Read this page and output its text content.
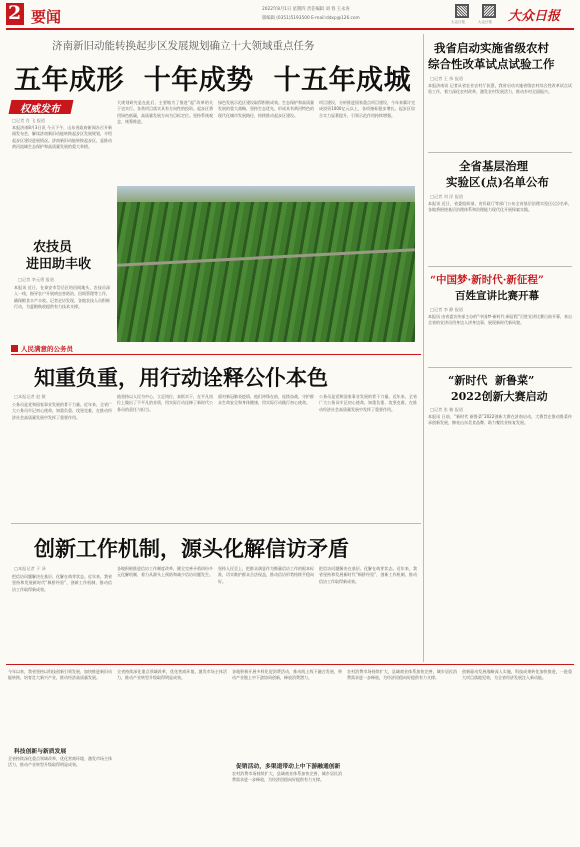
2 要闻	2022年8月1日 星期四 责任编辑 刘 春 王永涛
版编辑 (0351)5193500 E-mail:ddxp@126.com
大众日报	大众日报 大众日报
济南新旧动能转换起步区发展规划确立十大领域重点任务
五年成形  十年成势  十五年成城
权威发布
□记者 肖 飞 报道
本报济南8月3日讯 今天下午，山东省政府新闻办召开新闻发布会，解读济南新旧动能转换起步区发展规划，介绍起步区建设进展情况。济南新旧动能转换起步区，是推动黄河流域生态保护和高质量发展的重大举措。
大规划研究是在此后，主要缩为了推进“起”改革的关于也实行。各类项目落实具有方向性的投资。起步区将用绿色低碳，高质量发展方向为目标定位。坚持系统观念，统筹推进。
绿色发展示范区建设取得积极成效。生态保护和高质量发展的重大战略，坚持生态优先，形成具有黄河特色的现代化城市发展路径，持续推动起步区建设。
项目建设，分析推进国家重点项目建设，今年来累计完成投资1000亿元以上，各项指标稳步增长。起步区综合实力显著提升，引领示范作用持续增强。
农技员
进田助丰收
□记者 李元勇 报道
本报讯 近日，在泰安市岱岳区的田间地头，农技员深入一线，指导农户开展病虫害防治、田间管理等工作，确保粮食丰产丰收。记者走访发现，各地农技人员积极行动，为夏粮秋收提供有力技术支撑。
人民满意的公务员
知重负重，用行动诠释公仆本色
□本报记者 赵 敏
公务员是党和国家事业发展的骨干力量。近年来，全省广大公务员牢记初心使命，知重负重、攻坚克难，在推动经济社会高质量发展中发挥了重要作用。
他坚持以人民为中心，立足岗位，真抓实干，在平凡岗位上做出了不平凡的业绩，用实际行动诠释了新时代公务员的责任与担当。
面对新冠肺炎疫情，他们冲锋在前，连续奋战，守护群众生命安全和身体健康，用实际行动践行初心使命。
公务员是党和国家事业发展的骨干力量。近年来，全省广大公务员牢记初心使命，知重负重、攻坚克难，在推动经济社会高质量发展中发挥了重要作用。
创新工作机制，源头化解信访矛盾
□本报记者 于 泽
把信访问题解决在基层、化解在萌芽状态。近年来，我省坚持和发展新时代“枫桥经验”，创新工作机制，推动信访工作取得新成效。
各地积极推进信访工作制度改革，健全完善矛盾纠纷多元化解机制，着力从源头上预防和减少信访问题发生。
坚持人民至上，把群众满意作为衡量信访工作的根本标准，切实维护群众合法权益，推动信访形势持续平稳向好。
把信访问题解决在基层、化解在萌芽状态。近年来，我省坚持和发展新时代“枫桥经验”，创新工作机制，推动信访工作取得新成效。
我省启动实施省级农村
综合性改革试点试验工作
□记者 王 伟 报道
本报济南讯 记者从省农业农村厅获悉，我省启动实施省级农村综合性改革试点试验工作，着力深化农村改革，激发农村发展活力，推动乡村全面振兴。
全省基层治理
实验区(点)名单公布
□记者 刘 洋 报道
本报讯 近日，省委组织部、省民政厅等部门公布全省基层治理实验区(点)名单，各地将围绕基层治理体系和治理能力现代化开展探索实践。
“中国梦·新时代·新征程”
百姓宣讲比赛开幕
□记者 李 静 报道
本报讯 由省委宣传部主办的“中国梦·新时代·新征程”百姓宣讲比赛日前开幕，来自全省的宣讲员用身边人讲身边事，展现新时代新风貌。
“新时代  新鲁菜”
2022创新大赛启动
□记者 张 楠 报道
本报讯 日前，“新时代 新鲁菜”2022创新大赛在济南启动，大赛旨在推动鲁菜传承创新发展，擦亮山东美食品牌，助力餐饮业恢复发展。
今年以来，我省坚持以科技创新引领发展，加快推进新旧动能转换，培育壮大新兴产业，推动经济高质量发展。
科技创新与新质发展
全省持续深化重点领域改革，优化营商环境，激发市场主体活力，推动产业转型升级取得明显成效。
全省持续深化重点领域改革，优化营商环境，激发市场主体活力，推动产业转型升级取得明显成效。
各地积极开展多样化促消费活动，推动线上线下融合发展，带动产业链上中下游协同创新，释放消费潜力。
促销活动，多渠道带动上中下游融通创新
农村消费市场持续扩大，县域商业体系加快完善，城乡居民消费需求进一步释放，为经济回稳向好提供有力支撑。
农村消费市场持续扩大，县域商业体系加快完善，城乡居民消费需求进一步释放，为经济回稳向好提供有力支撑。
创新驱动发展战略深入实施，科技成果转化加快推进，一批重大项目落地见效，为全省经济发展注入新动能。
